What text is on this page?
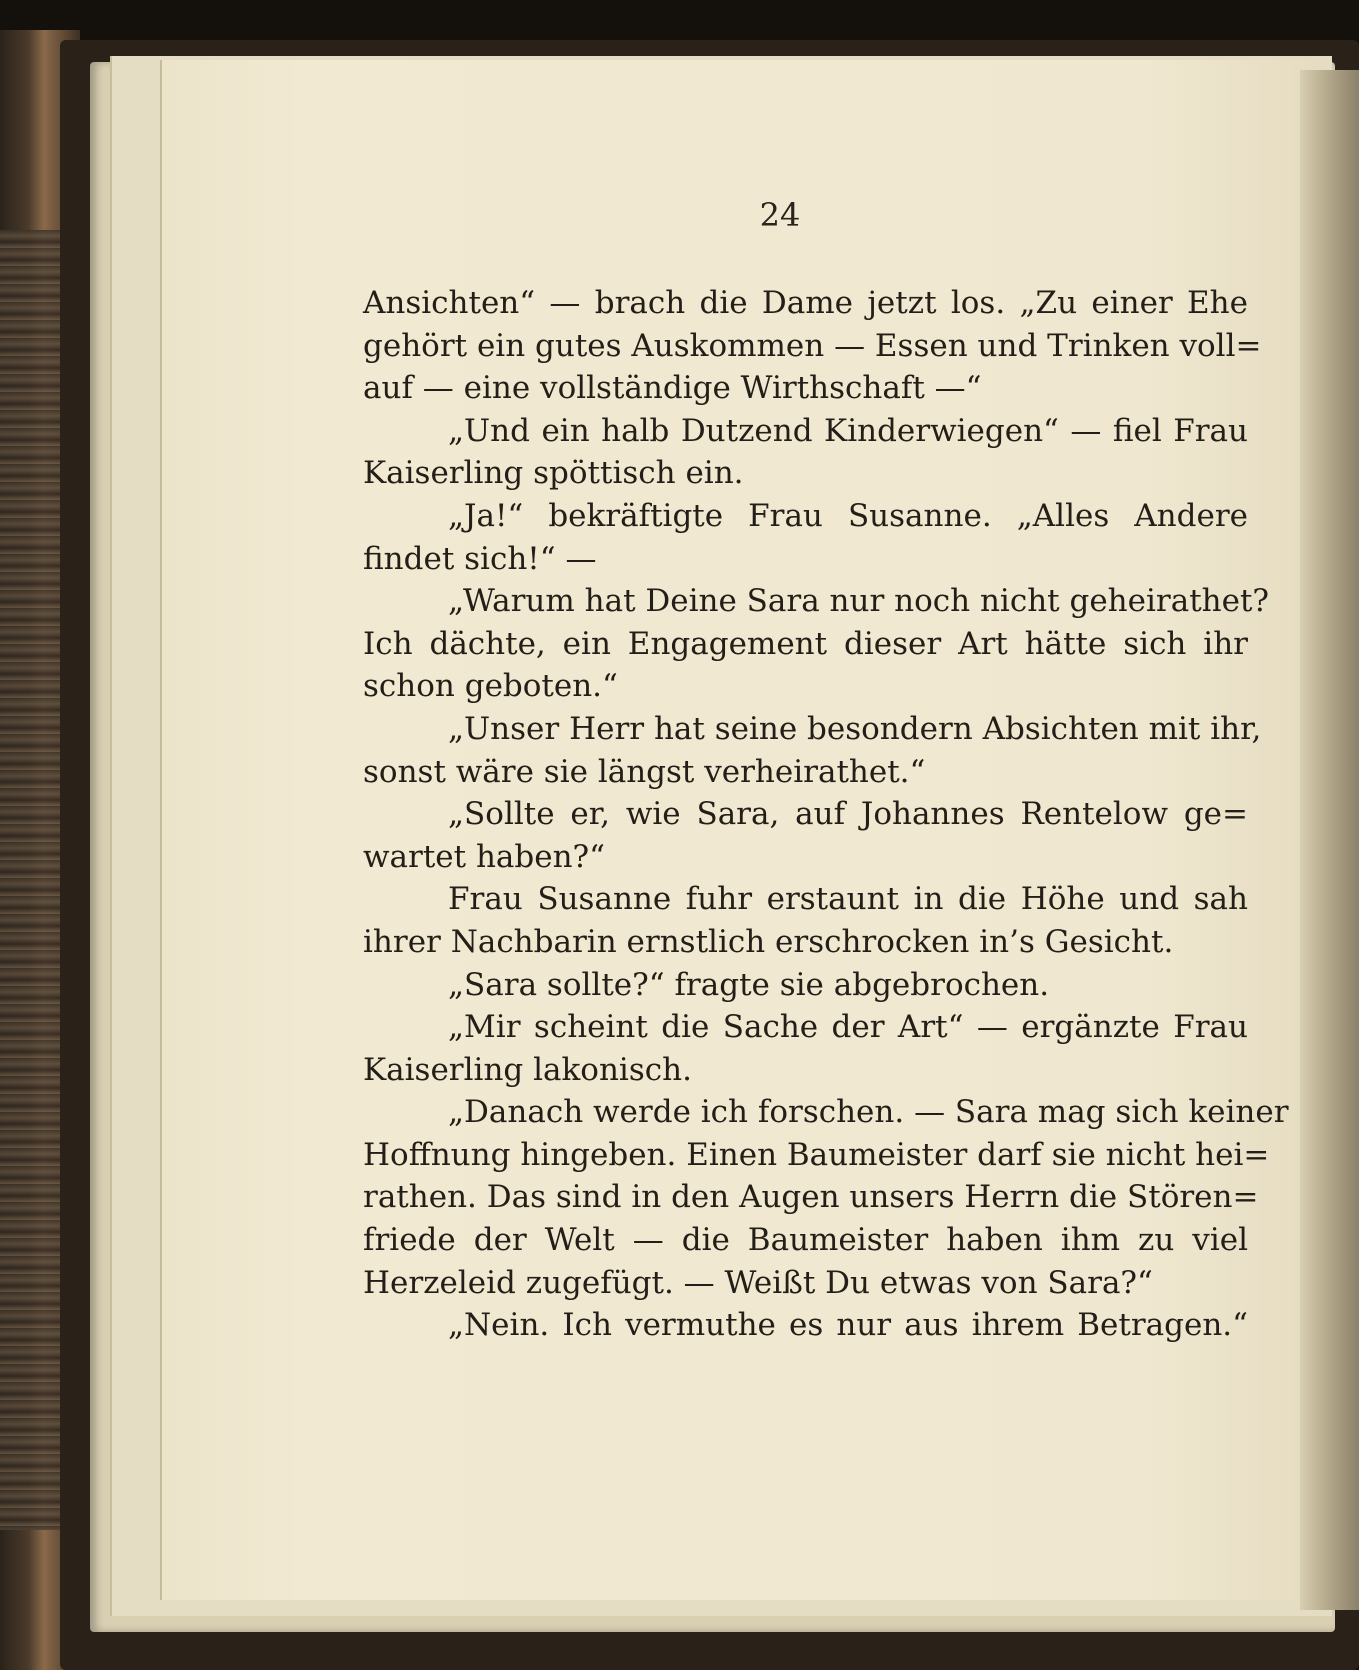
24

Ansichten“ — brach die Dame jetzt los. „Zu einer Ehe

gehört ein gutes Auskommen — Essen und Trinken voll=

auf — eine vollständige Wirthschaft —“

„Und ein halb Dutzend Kinderwiegen“ — fiel Frau

Kaiserling spöttisch ein.

„Ja!“ bekräftigte Frau Susanne. „Alles Andere

findet sich!“ —

„Warum hat Deine Sara nur noch nicht geheirathet?

Ich dächte, ein Engagement dieser Art hätte sich ihr

schon geboten.“

„Unser Herr hat seine besondern Absichten mit ihr,

sonst wäre sie längst verheirathet.“

„Sollte er, wie Sara, auf Johannes Rentelow ge=

wartet haben?“

Frau Susanne fuhr erstaunt in die Höhe und sah

ihrer Nachbarin ernstlich erschrocken in’s Gesicht.

„Sara sollte?“ fragte sie abgebrochen.

„Mir scheint die Sache der Art“ — ergänzte Frau

Kaiserling lakonisch.

„Danach werde ich forschen. — Sara mag sich keiner

Hoffnung hingeben. Einen Baumeister darf sie nicht hei=

rathen. Das sind in den Augen unsers Herrn die Stören=

friede der Welt — die Baumeister haben ihm zu viel

Herzeleid zugefügt. — Weißt Du etwas von Sara?“

„Nein. Ich vermuthe es nur aus ihrem Betragen.“
